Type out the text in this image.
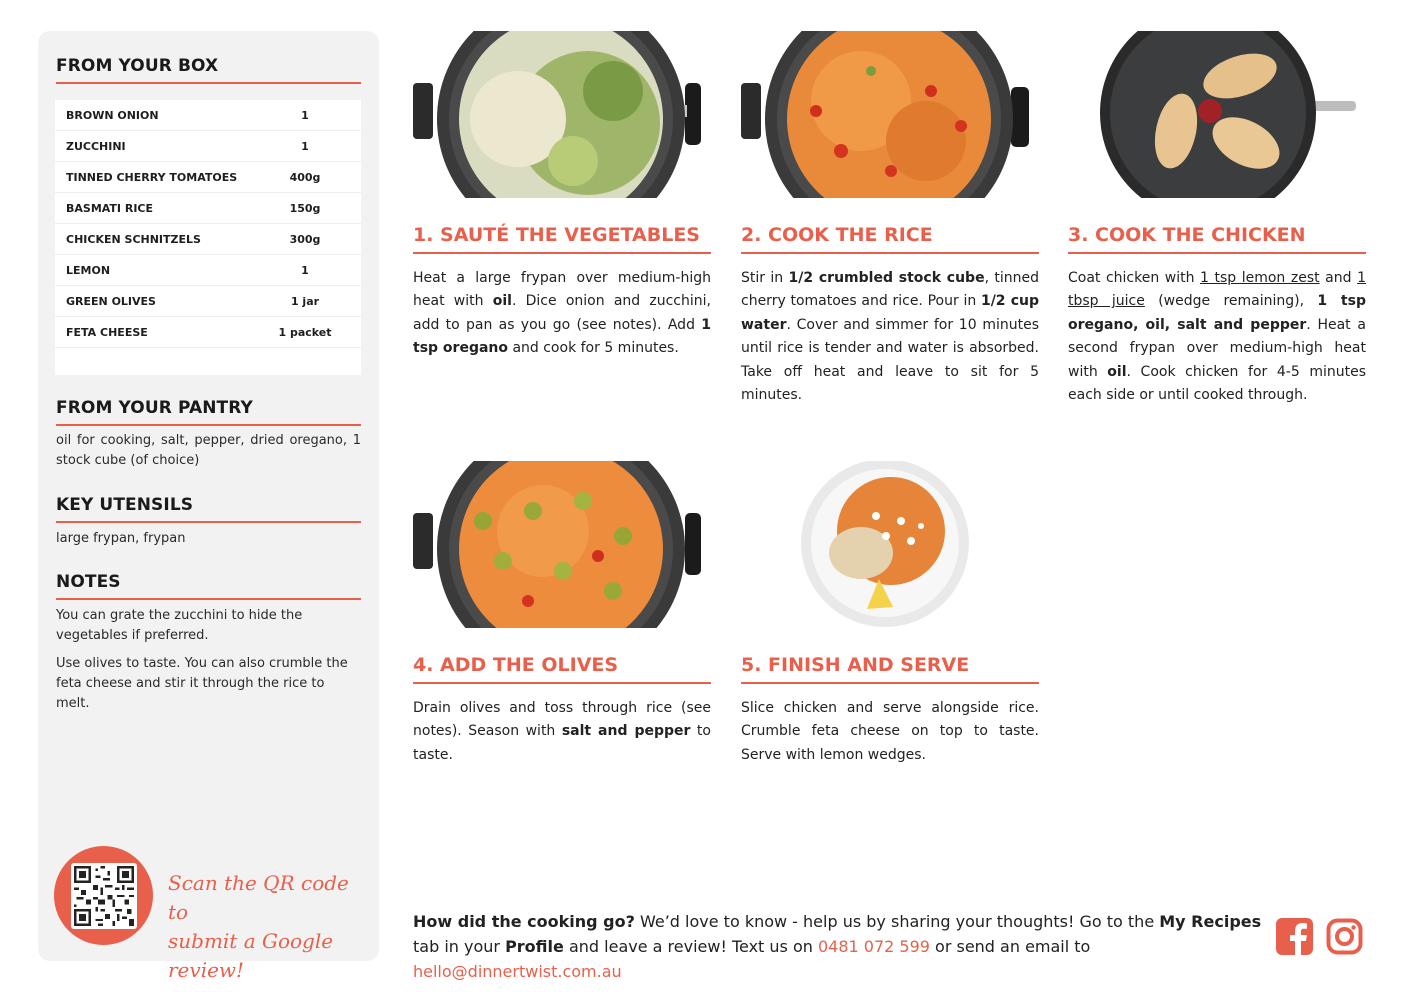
FROM YOUR BOX
BROWN ONION	1
ZUCCHINI	1
TINNED CHERRY TOMATOES	400g
BASMATI RICE	150g
CHICKEN SCHNITZELS	300g
LEMON	1
GREEN OLIVES	1 jar
FETA CHEESE	1 packet
FROM YOUR PANTRY
oil for cooking, salt, pepper, dried oregano, 1 stock cube (of choice)
KEY UTENSILS
large frypan, frypan
NOTES
You can grate the zucchini to hide the vegetables if preferred.
Use olives to taste. You can also crumble the feta cheese and stir it through the rice to melt.
Scan the QR code to
submit a Google review!
1. SAUTÉ THE VEGETABLES
Heat a large frypan over medium-high heat with oil. Dice onion and zucchini, add to pan as you go (see notes). Add 1 tsp oregano and cook for 5 minutes.
2. COOK THE RICE
Stir in 1/2 crumbled stock cube, tinned cherry tomatoes and rice. Pour in 1/2 cup water. Cover and simmer for 10 minutes until rice is tender and water is absorbed. Take off heat and leave to sit for 5 minutes.
3. COOK THE CHICKEN
Coat chicken with 1 tsp lemon zest and 1 tbsp juice (wedge remaining), 1 tsp oregano, oil, salt and pepper. Heat a second frypan over medium-high heat with oil. Cook chicken for 4-5 minutes each side or until cooked through.
4. ADD THE OLIVES
Drain olives and toss through rice (see notes). Season with salt and pepper to taste.
5. FINISH AND SERVE
Slice chicken and serve alongside rice. Crumble feta cheese on top to taste. Serve with lemon wedges.
How did the cooking go? We’d love to know - help us by sharing your thoughts! Go to the My Recipes tab in your Profile and leave a review! Text us on 0481 072 599 or send an email to hello@dinnertwist.com.au
